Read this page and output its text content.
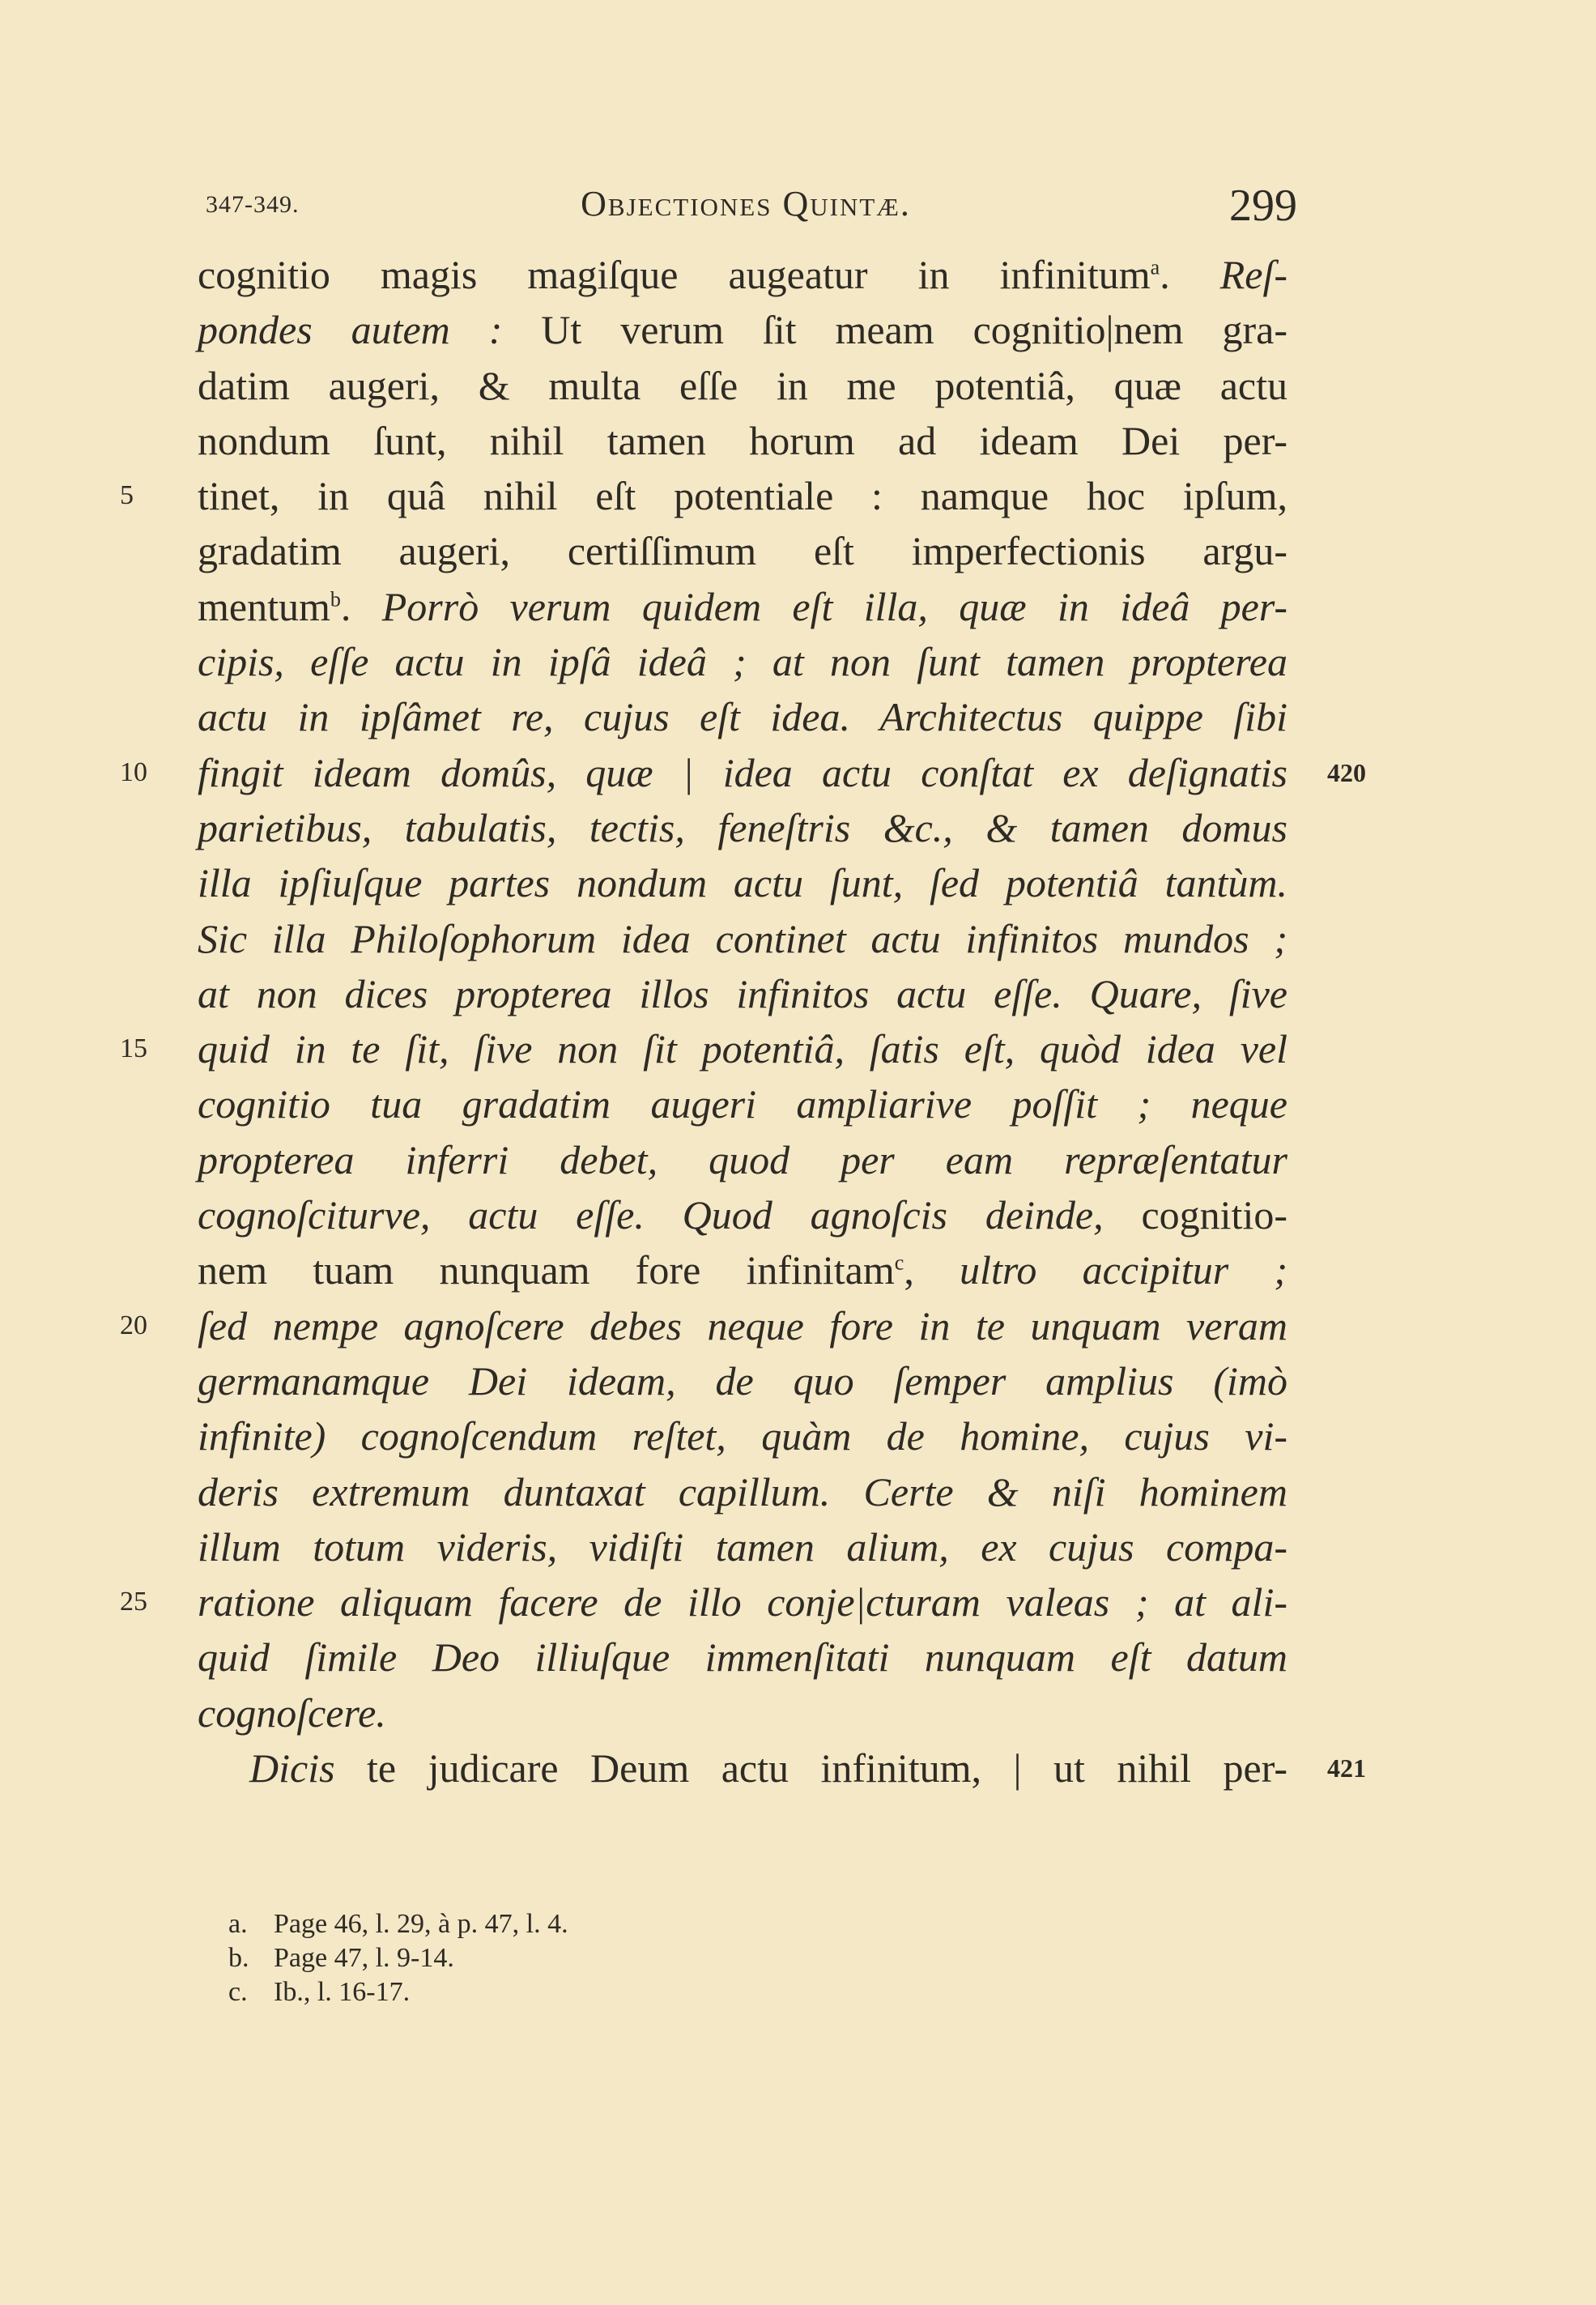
347-349.	Objectiones Quintæ.	299
cognitio magis magiſque augeatur in infinitum$^a$. Reſ-
pondes autem : Ut verum ſit meam cognitio|nem gra-
datim augeri, & multa eſſe in me potentiâ, quæ actu
nondum ſunt, nihil tamen horum ad ideam Dei per-
5	tinet, in quâ nihil eſt potentiale : namque hoc ipſum,
gradatim augeri, certiſſimum eſt imperfectionis argu-
mentum$^b$. Porrò verum quidem eſt illa, quæ in ideâ per-
cipis, eſſe actu in ipſâ ideâ ; at non ſunt tamen propterea
actu in ipſâmet re, cujus eſt idea. Architectus quippe ſibi
10	fingit ideam domûs, quæ | idea actu conſtat ex deſignatis 420
parietibus, tabulatis, tectis, feneſtris &c., & tamen domus
illa ipſiuſque partes nondum actu ſunt, ſed potentiâ tantùm.
Sic illa Philoſophorum idea continet actu infinitos mundos ;
at non dices propterea illos infinitos actu eſſe. Quare, ſive
15	quid in te ſit, ſive non ſit potentiâ, ſatis eſt, quòd idea vel
cognitio tua gradatim augeri ampliarive poſſit ; neque
propterea inferri debet, quod per eam repræſentatur
cognoſciturve, actu eſſe. Quod agnoſcis deinde, cognitio-
nem tuam nunquam fore infinitam$^c$, ultro accipitur ;
20	ſed nempe agnoſcere debes neque fore in te unquam veram
germanamque Dei ideam, de quo ſemper amplius (imò
infinite) cognoſcendum reſtet, quàm de homine, cujus vi-
deris extremum duntaxat capillum. Certe & niſi hominem
illum totum videris, vidiſti tamen alium, ex cujus compa-
25	ratione aliquam facere de illo conje|cturam valeas ; at ali-
quid ſimile Deo illiuſque immenſitati nunquam eſt datum
cognoſcere.
Dicis te judicare Deum actu infinitum, | ut nihil per- 421
a. Page 46, l. 29, à p. 47, l. 4.
b. Page 47, l. 9-14.
c. Ib., l. 16-17.
